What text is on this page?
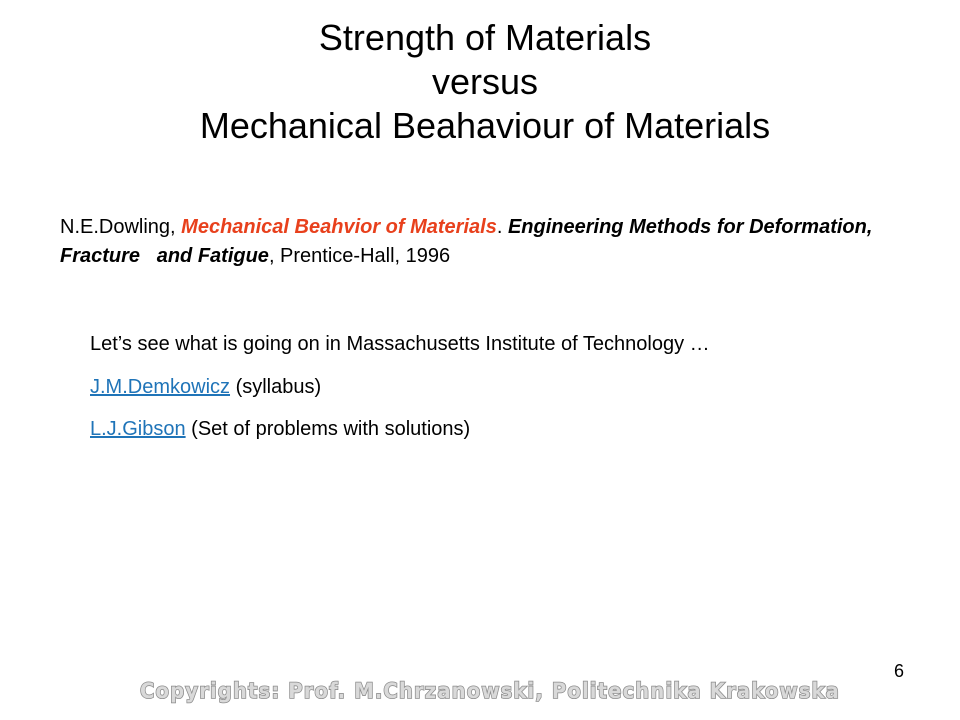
Strength of Materials
versus
Mechanical Beahaviour of Materials
N.E.Dowling, Mechanical Beahvior of Materials. Engineering Methods for Deformation, Fracture and Fatigue, Prentice-Hall, 1996
Let’s see what is going on in Massachusetts Institute of Technology …
J.M.Demkowicz (syllabus)
L.J.Gibson (Set of problems with solutions)
6
Copyrights: Prof. M.Chrzanowski, Politechnika Krakowska
